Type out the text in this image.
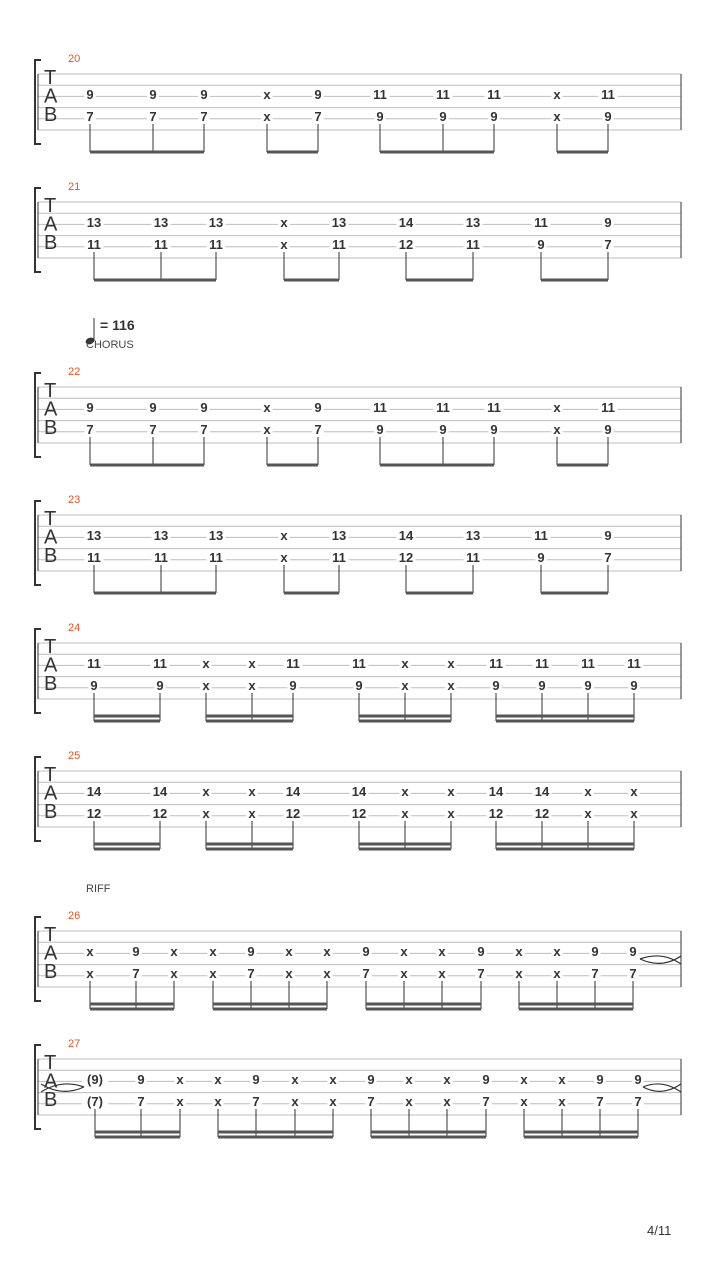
= 116
CHORUS
RIFF
20
T
A
B
9
7
9
7
9
7
x
x
9
7
11
9
11
9
11
9
x
x
11
9
21
T
A
B
13
11
13
11
13
11
x
x
13
11
14
12
13
11
11
9
9
7
22
T
A
B
9
7
9
7
9
7
x
x
9
7
11
9
11
9
11
9
x
x
11
9
23
T
A
B
13
11
13
11
13
11
x
x
13
11
14
12
13
11
11
9
9
7
24
T
A
B
11
9
11
9
x
x
x
x
11
9
11
9
x
x
x
x
11
9
11
9
11
9
11
9
25
T
A
B
14
12
14
12
x
x
x
x
14
12
14
12
x
x
x
x
14
12
14
12
x
x
x
x
26
T
A
B
x
x
9
7
x
x
x
x
9
7
x
x
x
x
9
7
x
x
x
x
9
7
x
x
x
x
9
7
9
7
27
T
A
B
(9)
(7)
9
7
x
x
x
x
9
7
x
x
x
x
9
7
x
x
x
x
9
7
x
x
x
x
9
7
9
7
4/11
